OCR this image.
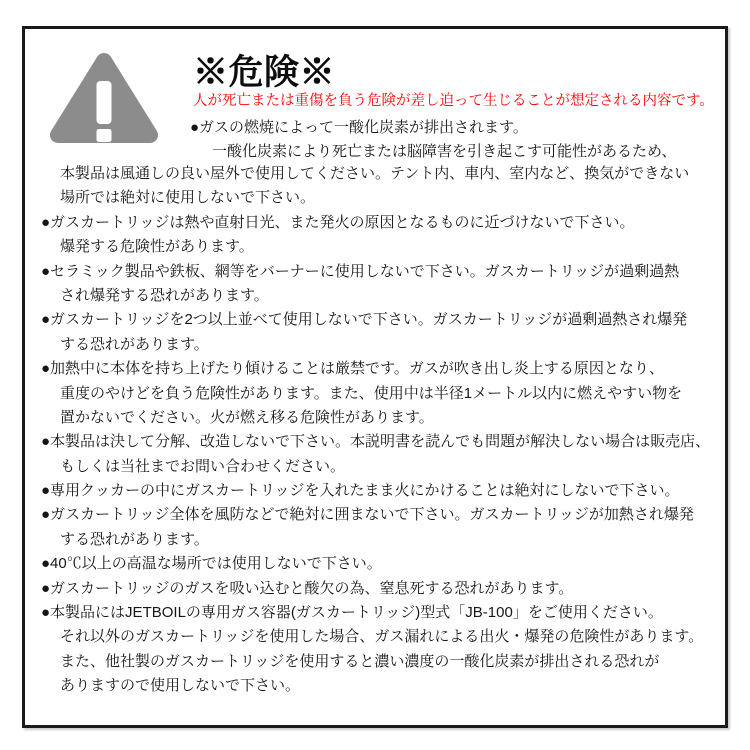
※危険※
人が死亡または重傷を負う危険が差し迫って生じることが想定される内容です。
●ガスの燃焼によって一酸化炭素が排出されます。
一酸化炭素により死亡または脳障害を引き起こす可能性があるため、
本製品は風通しの良い屋外で使用してください。テント内、車内、室内など、換気ができない
場所では絶対に使用しないで下さい。
●ガスカートリッジは熱や直射日光、また発火の原因となるものに近づけないで下さい。
爆発する危険性があります。
●セラミック製品や鉄板、網等をバーナーに使用しないで下さい。ガスカートリッジが過剰過熱
され爆発する恐れがあります。
●ガスカートリッジを2つ以上並べて使用しないで下さい。ガスカートリッジが過剰過熱され爆発
する恐れがあります。
●加熱中に本体を持ち上げたり傾けることは厳禁です。ガスが吹き出し炎上する原因となり、
重度のやけどを負う危険性があります。また、使用中は半径1メートル以内に燃えやすい物を
置かないでください。火が燃え移る危険性があります。
●本製品は決して分解、改造しないで下さい。本説明書を読んでも問題が解決しない場合は販売店、
もしくは当社までお問い合わせください。
●専用クッカーの中にガスカートリッジを入れたまま火にかけることは絶対にしないで下さい。
●ガスカートリッジ全体を風防などで絶対に囲まないで下さい。ガスカートリッジが加熱され爆発
する恐れがあります。
●40℃以上の高温な場所では使用しないで下さい。
●ガスカートリッジのガスを吸い込むと酸欠の為、窒息死する恐れがあります。
●本製品にはJETBOILの専用ガス容器(ガスカートリッジ)型式「JB-100」をご使用ください。
それ以外のガスカートリッジを使用した場合、ガス漏れによる出火・爆発の危険性があります。
また、他社製のガスカートリッジを使用すると濃い濃度の一酸化炭素が排出される恐れが
ありますので使用しないで下さい。
